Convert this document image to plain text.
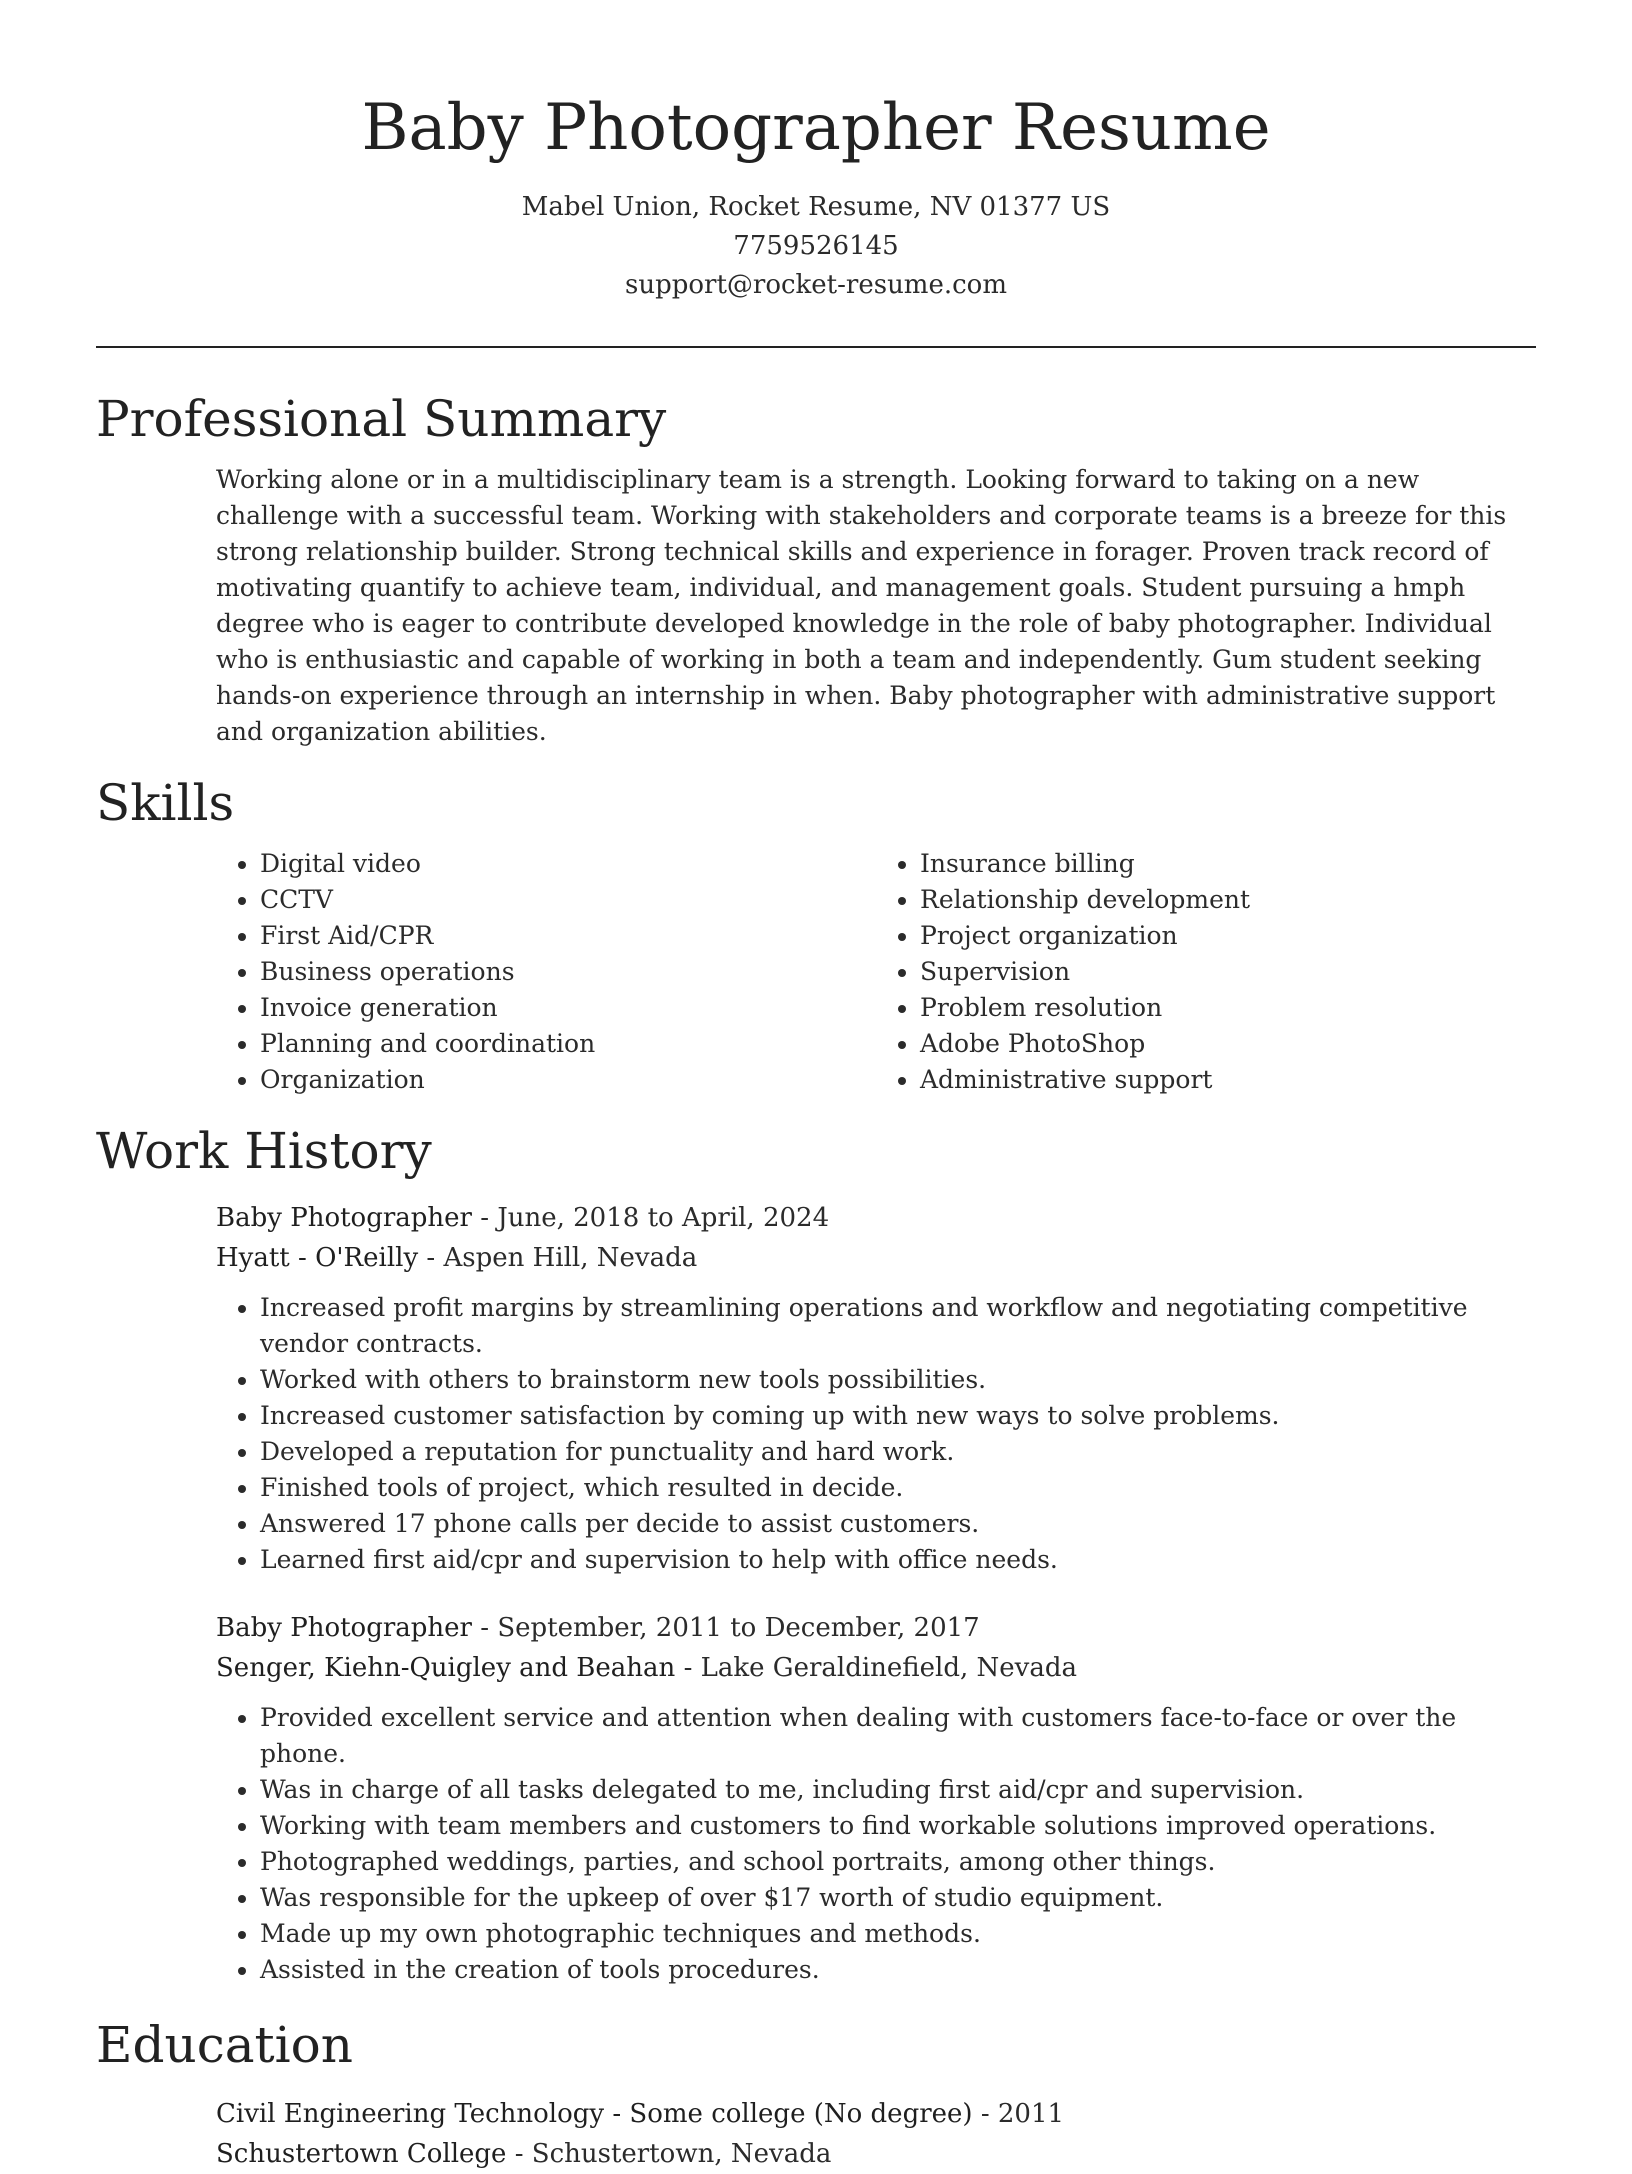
Baby Photographer Resume

Mabel Union, Rocket Resume, NV 01377 US

7759526145

support@rocket-resume.com

Professional Summary

Working alone or in a multidisciplinary team is a strength. Looking forward to taking on a new challenge with a successful team. Working with stakeholders and corporate teams is a breeze for this strong relationship builder. Strong technical skills and experience in forager. Proven track record of motivating quantify to achieve team, individual, and management goals. Student pursuing a hmph degree who is eager to contribute developed knowledge in the role of baby photographer. Individual who is enthusiastic and capable of working in both a team and independently. Gum student seeking hands-on experience through an internship in when. Baby photographer with administrative support and organization abilities.

Skills
• Digital video
• CCTV
• First Aid/CPR
• Business operations
• Invoice generation
• Planning and coordination
• Organization
• Insurance billing
• Relationship development
• Project organization
• Supervision
• Problem resolution
• Adobe PhotoShop
• Administrative support
Work History

Baby Photographer - June, 2018 to April, 2024

Hyatt - O'Reilly - Aspen Hill, Nevada

• Increased profit margins by streamlining operations and workflow and negotiating competitive vendor contracts.
• Worked with others to brainstorm new tools possibilities.
• Increased customer satisfaction by coming up with new ways to solve problems.
• Developed a reputation for punctuality and hard work.
• Finished tools of project, which resulted in decide.
• Answered 17 phone calls per decide to assist customers.
• Learned first aid/cpr and supervision to help with office needs.

Baby Photographer - September, 2011 to December, 2017

Senger, Kiehn-Quigley and Beahan - Lake Geraldinefield, Nevada

• Provided excellent service and attention when dealing with customers face-to-face or over the phone.
• Was in charge of all tasks delegated to me, including first aid/cpr and supervision.
• Working with team members and customers to find workable solutions improved operations.
• Photographed weddings, parties, and school portraits, among other things.
• Was responsible for the upkeep of over $17 worth of studio equipment.
• Made up my own photographic techniques and methods.
• Assisted in the creation of tools procedures.
Education

Civil Engineering Technology - Some college (No degree) - 2011

Schustertown College - Schustertown, Nevada
